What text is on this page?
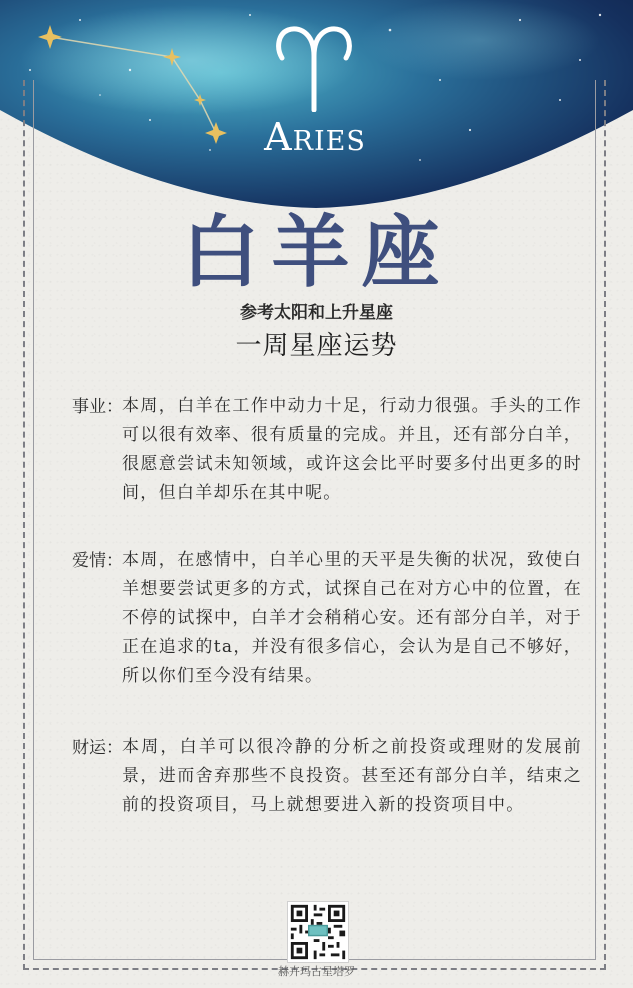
Aries
白羊座
参考太阳和上升星座
一周星座运势
事业： 本周，白羊在工作中动力十足，行动力很强。手头的工作可以很有效率、很有质量的完成。并且，还有部分白羊，很愿意尝试未知领域，或许这会比平时要多付出更多的时间，但白羊却乐在其中呢。
爱情： 本周，在感情中，白羊心里的天平是失衡的状况，致使白羊想要尝试更多的方式，试探自己在对方心中的位置，在不停的试探中，白羊才会稍稍心安。还有部分白羊，对于正在追求的ta，并没有很多信心，会认为是自己不够好，所以你们至今没有结果。
财运： 本周，白羊可以很冷静的分析之前投资或理财的发展前景，进而舍弃那些不良投资。甚至还有部分白羊，结束之前的投资项目，马上就想要进入新的投资项目中。
赫卉玛占星塔罗
